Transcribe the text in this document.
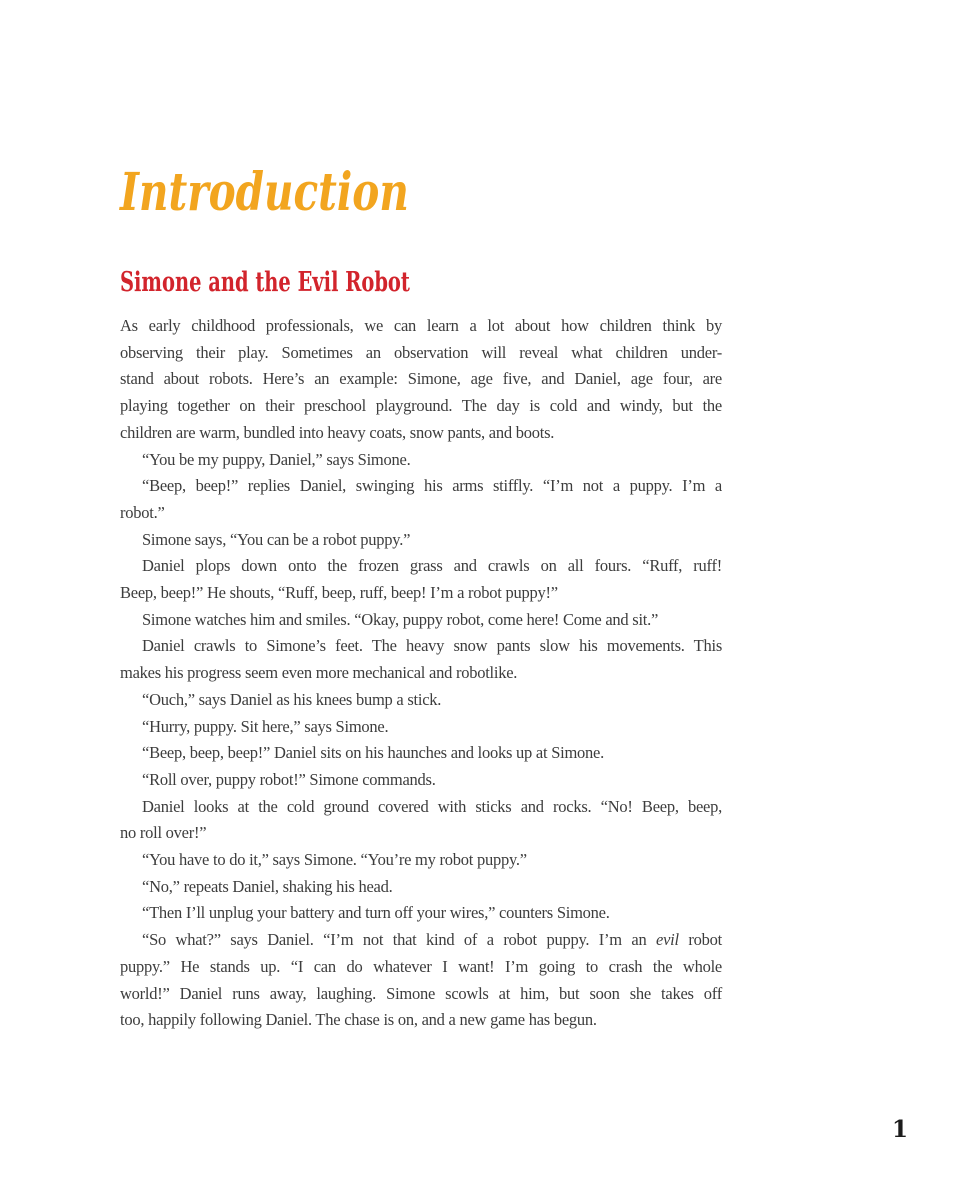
Introduction
Simone and the Evil Robot
As early childhood professionals, we can learn a lot about how children think by
observing their play. Sometimes an observation will reveal what children under-
stand about robots. Here’s an example: Simone, age five, and Daniel, age four, are
playing together on their preschool playground. The day is cold and windy, but the
children are warm, bundled into heavy coats, snow pants, and boots.
“You be my puppy, Daniel,” says Simone.
“Beep, beep!” replies Daniel, swinging his arms stiffly. “I’m not a puppy. I’m a
robot.”
Simone says, “You can be a robot puppy.”
Daniel plops down onto the frozen grass and crawls on all fours. “Ruff, ruff!
Beep, beep!” He shouts, “Ruff, beep, ruff, beep! I’m a robot puppy!”
Simone watches him and smiles. “Okay, puppy robot, come here! Come and sit.”
Daniel crawls to Simone’s feet. The heavy snow pants slow his movements. This
makes his progress seem even more mechanical and robotlike.
“Ouch,” says Daniel as his knees bump a stick.
“Hurry, puppy. Sit here,” says Simone.
“Beep, beep, beep!” Daniel sits on his haunches and looks up at Simone.
“Roll over, puppy robot!” Simone commands.
Daniel looks at the cold ground covered with sticks and rocks. “No! Beep, beep,
no roll over!”
“You have to do it,” says Simone. “You’re my robot puppy.”
“No,” repeats Daniel, shaking his head.
“Then I’ll unplug your battery and turn off your wires,” counters Simone.
“So what?” says Daniel. “I’m not that kind of a robot puppy. I’m an evil robot
puppy.” He stands up. “I can do whatever I want! I’m going to crash the whole
world!” Daniel runs away, laughing. Simone scowls at him, but soon she takes off
too, happily following Daniel. The chase is on, and a new game has begun.
1
